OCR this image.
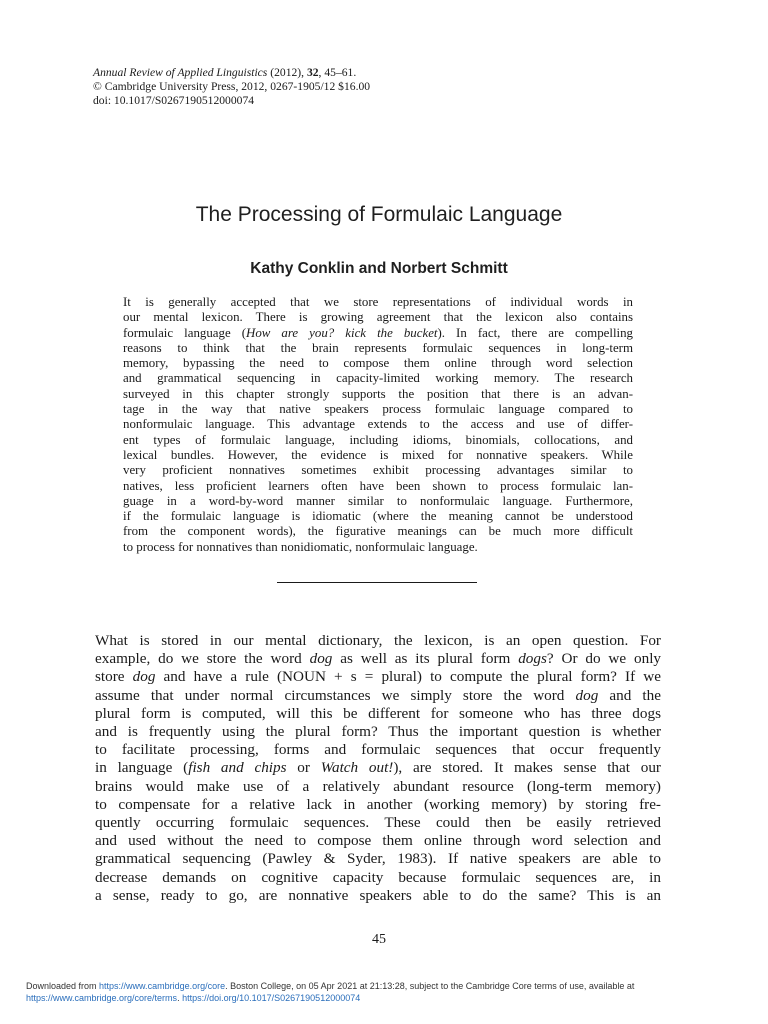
Annual Review of Applied Linguistics (2012), 32, 45–61.
© Cambridge University Press, 2012, 0267-1905/12 $16.00
doi: 10.1017/S0267190512000074
The Processing of Formulaic Language
Kathy Conklin and Norbert Schmitt
It is generally accepted that we store representations of individual words in
our mental lexicon. There is growing agreement that the lexicon also contains
formulaic language (How are you? kick the bucket). In fact, there are compelling
reasons to think that the brain represents formulaic sequences in long-term
memory, bypassing the need to compose them online through word selection
and grammatical sequencing in capacity-limited working memory. The research
surveyed in this chapter strongly supports the position that there is an advan-
tage in the way that native speakers process formulaic language compared to
nonformulaic language. This advantage extends to the access and use of differ-
ent types of formulaic language, including idioms, binomials, collocations, and
lexical bundles. However, the evidence is mixed for nonnative speakers. While
very proficient nonnatives sometimes exhibit processing advantages similar to
natives, less proficient learners often have been shown to process formulaic lan-
guage in a word-by-word manner similar to nonformulaic language. Furthermore,
if the formulaic language is idiomatic (where the meaning cannot be understood
from the component words), the figurative meanings can be much more difficult
to process for nonnatives than nonidiomatic, nonformulaic language.
What is stored in our mental dictionary, the lexicon, is an open question. For
example, do we store the word dog as well as its plural form dogs? Or do we only
store dog and have a rule (NOUN + s = plural) to compute the plural form? If we
assume that under normal circumstances we simply store the word dog and the
plural form is computed, will this be different for someone who has three dogs
and is frequently using the plural form? Thus the important question is whether
to facilitate processing, forms and formulaic sequences that occur frequently
in language (fish and chips or Watch out!), are stored. It makes sense that our
brains would make use of a relatively abundant resource (long-term memory)
to compensate for a relative lack in another (working memory) by storing fre-
quently occurring formulaic sequences. These could then be easily retrieved
and used without the need to compose them online through word selection and
grammatical sequencing (Pawley & Syder, 1983). If native speakers are able to
decrease demands on cognitive capacity because formulaic sequences are, in
a sense, ready to go, are nonnative speakers able to do the same? This is an
45
Downloaded from https://www.cambridge.org/core. Boston College, on 05 Apr 2021 at 21:13:28, subject to the Cambridge Core terms of use, available at
https://www.cambridge.org/core/terms. https://doi.org/10.1017/S0267190512000074
